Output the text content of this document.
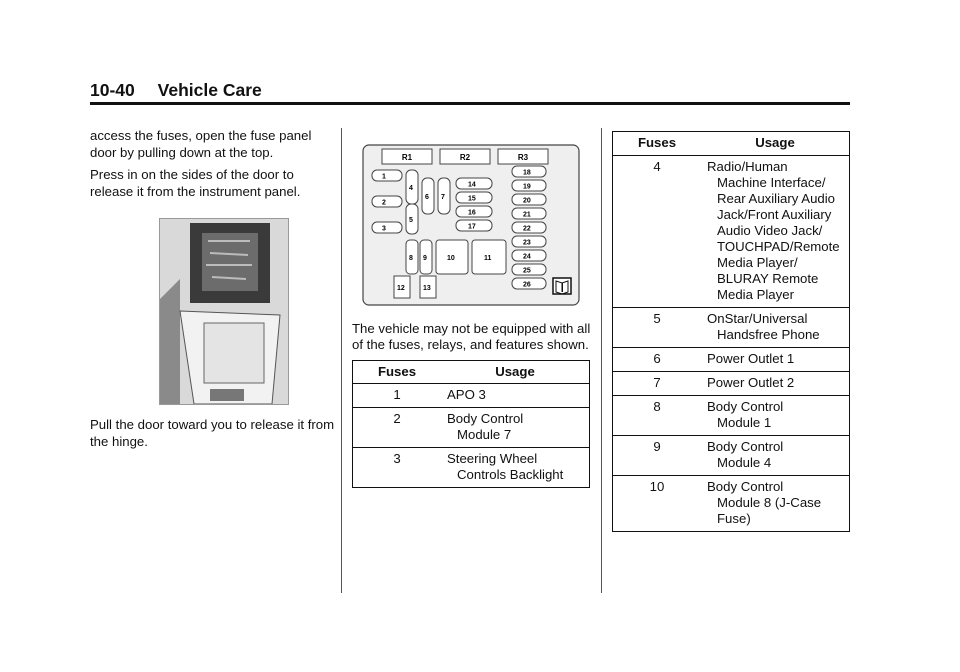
10-40 Vehicle Care

access the fuses, open the fuse panel door by pulling down at the top.

Press in on the sides of the door to release it from the instrument panel.

Pull the door toward you to release it from the hinge.

R1	R2	R3
1
2
3
4
5
6 7
14
15
16
17
18
19
20
21
22
23
24
25
26
8 9	10	11
12	13

The vehicle may not be equipped with all of the fuses, relays, and features shown.

Fuses	Usage
1	APO 3

2	Body Control
Module 7

3	Steering Wheel
Controls Backlight
Fuses	Usage
4	Radio/Human
Machine Interface/ Rear Auxiliary Audio Jack/Front Auxiliary Audio Video Jack/ TOUCHPAD/Remote Media Player/ BLURAY Remote Media Player

5	OnStar/Universal
Handsfree Phone

6	Power Outlet 1

7	Power Outlet 2

8	Body Control
Module 1

9	Body Control
Module 4

10	Body Control
Module 8 (J-Case Fuse)
